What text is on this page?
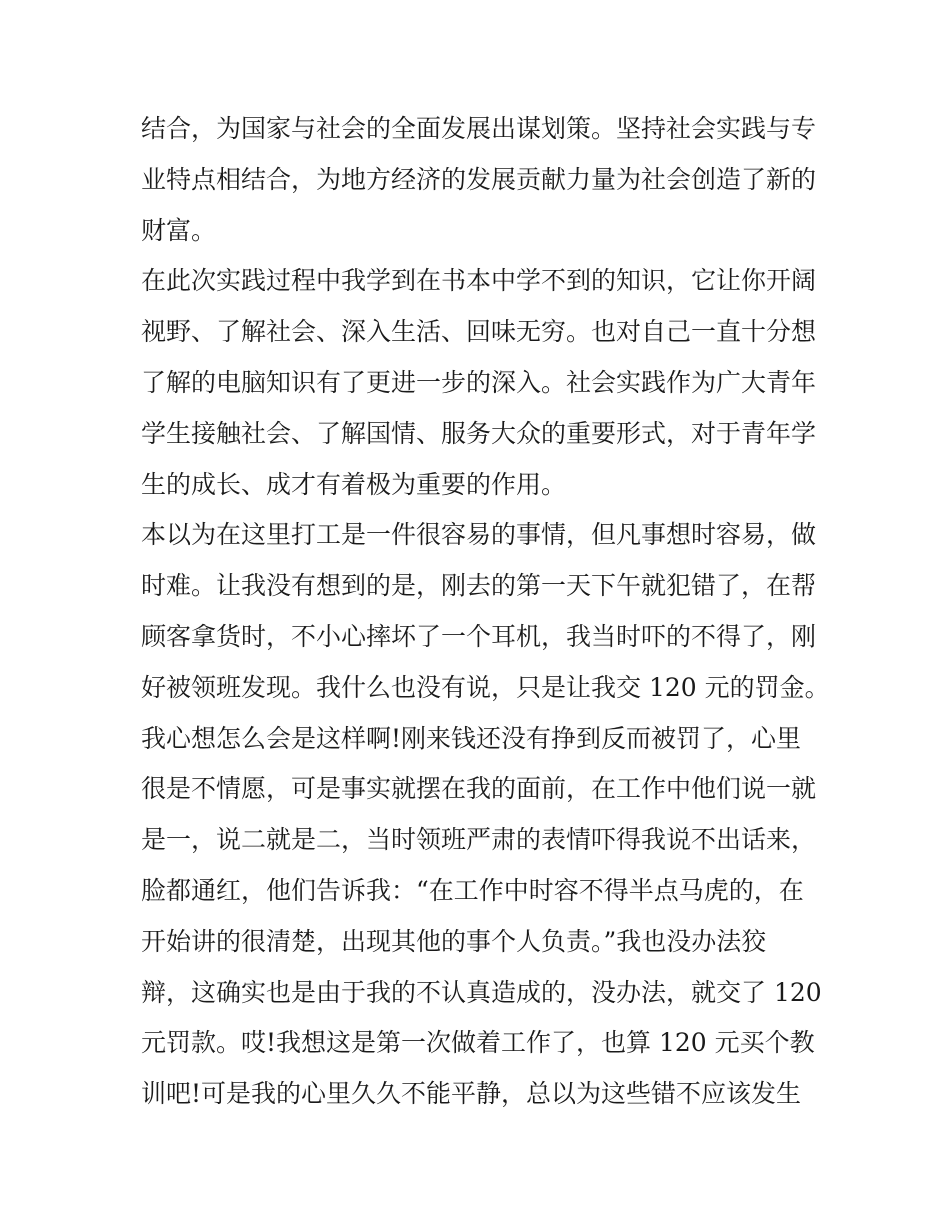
结合，为国家与社会的全面发展出谋划策。坚持社会实践与专
业特点相结合，为地方经济的发展贡献力量为社会创造了新的
财富。
在此次实践过程中我学到在书本中学不到的知识，它让你开阔
视野、了解社会、深入生活、回味无穷。也对自己一直十分想
了解的电脑知识有了更进一步的深入。社会实践作为广大青年
学生接触社会、了解国情、服务大众的重要形式，对于青年学
生的成长、成才有着极为重要的作用。
本以为在这里打工是一件很容易的事情，但凡事想时容易，做
时难。让我没有想到的是，刚去的第一天下午就犯错了，在帮
顾客拿货时，不小心摔坏了一个耳机，我当时吓的不得了，刚
好被领班发现。我什么也没有说，只是让我交 120 元的罚金。
我心想怎么会是这样啊!刚来钱还没有挣到反而被罚了，心里
很是不情愿，可是事实就摆在我的面前，在工作中他们说一就
是一，说二就是二，当时领班严肃的表情吓得我说不出话来，
脸都通红，他们告诉我：“在工作中时容不得半点马虎的，在
开始讲的很清楚，出现其他的事个人负责。”我也没办法狡
辩，这确实也是由于我的不认真造成的，没办法，就交了 120
元罚款。哎!我想这是第一次做着工作了，也算 120 元买个教
训吧!可是我的心里久久不能平静，总以为这些错不应该发生
